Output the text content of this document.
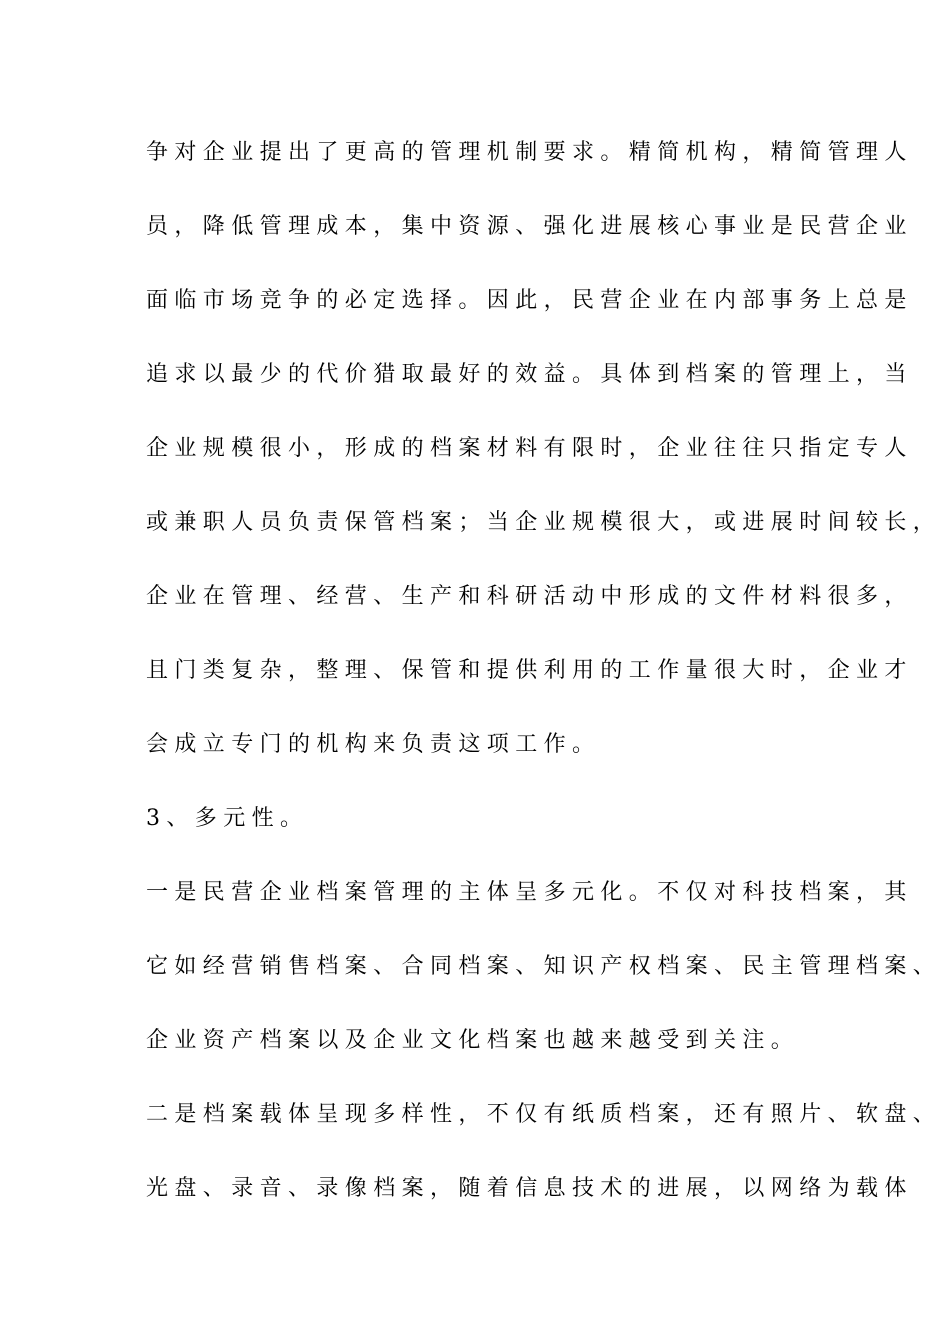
争对企业提出了更高的管理机制要求。精简机构，精简管理人
员，降低管理成本，集中资源、强化进展核心事业是民营企业
面临市场竞争的必定选择。因此，民营企业在内部事务上总是
追求以最少的代价猎取最好的效益。具体到档案的管理上，当
企业规模很小，形成的档案材料有限时，企业往往只指定专人
或兼职人员负责保管档案；当企业规模很大，或进展时间较长，
企业在管理、经营、生产和科研活动中形成的文件材料很多，
且门类复杂，整理、保管和提供利用的工作量很大时，企业才
会成立专门的机构来负责这项工作。
3、多元性。
一是民营企业档案管理的主体呈多元化。不仅对科技档案，其
它如经营销售档案、合同档案、知识产权档案、民主管理档案、
企业资产档案以及企业文化档案也越来越受到关注。
二是档案载体呈现多样性，不仅有纸质档案，还有照片、软盘、
光盘、录音、录像档案，随着信息技术的进展，以网络为载体
